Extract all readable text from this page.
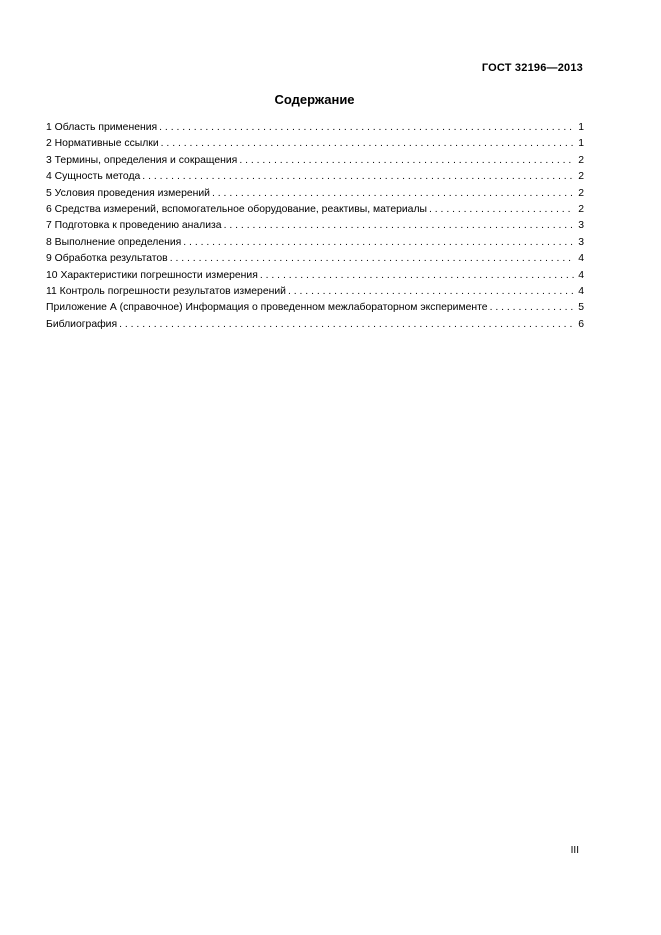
ГОСТ 32196—2013
Содержание
1 Область применения . . .	1
2 Нормативные ссылки . . .	1
3 Термины, определения и сокращения . . .	2
4 Сущность метода . . .	2
5 Условия проведения измерений . . .	2
6 Средства измерений, вспомогательное оборудование, реактивы, материалы . . .	2
7 Подготовка к проведению анализа . . .	3
8 Выполнение определения . . .	3
9 Обработка результатов . . .	4
10 Характеристики погрешности измерения . . .	4
11 Контроль погрешности результатов измерений . . .	4
Приложение А (справочное) Информация о проведенном межлабораторном эксперименте . . .	5
Библиография . . .	6
III
